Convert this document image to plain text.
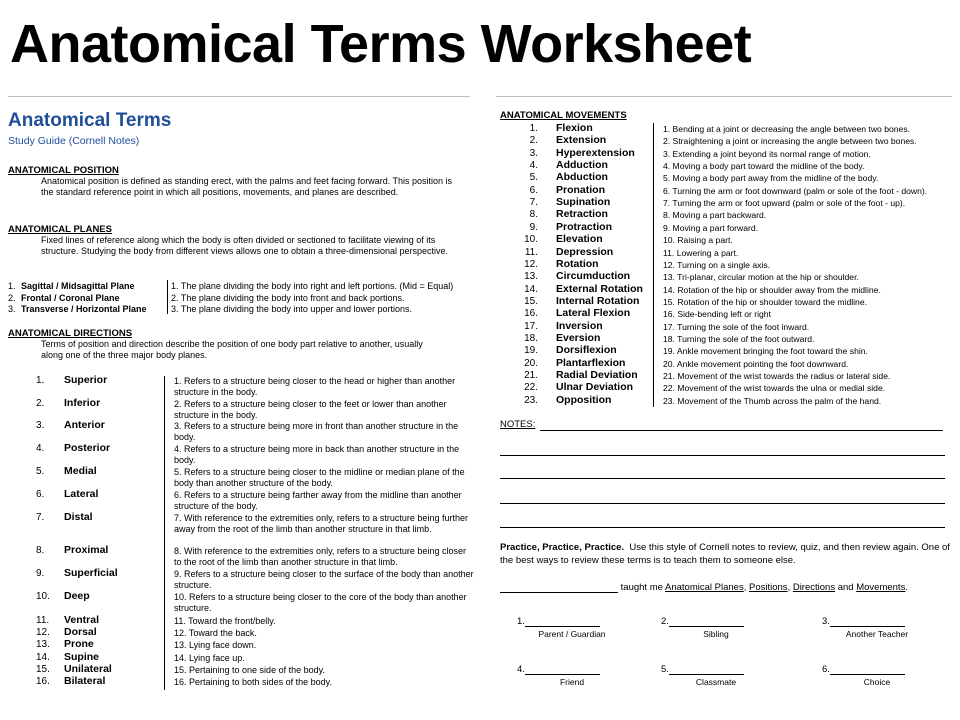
Anatomical Terms Worksheet
Anatomical Terms
Study Guide (Cornell Notes)
ANATOMICAL POSITION
Anatomical position is defined as standing erect, with the palms and feet facing forward. This position is the standard reference point in which all positions, movements, and planes are described.
ANATOMICAL PLANES
Fixed lines of reference along which the body is often divided or sectioned to facilitate viewing of its structure. Studying the body from different views allows one to obtain a three-dimensional perspective.
1. Sagittal / Midsagittal Plane	1. The plane dividing the body into right and left portions. (Mid = Equal)
2. Frontal / Coronal Plane	2. The plane dividing the body into front and back portions.
3. Transverse / Horizontal Plane	3. The plane dividing the body into upper and lower portions.
ANATOMICAL DIRECTIONS
Terms of position and direction describe the position of one body part relative to another, usually along one of the three major body planes.
1. Superior	1. Refers to a structure being closer to the head or higher than another structure in the body.
2. Inferior	2. Refers to a structure being closer to the feet or lower than another structure in the body.
3. Anterior	3. Refers to a structure being more in front than another structure in the body.
4. Posterior	4. Refers to a structure being more in back than another structure in the body.
5. Medial	5. Refers to a structure being closer to the midline or median plane of the body than another structure of the body.
6. Lateral	6. Refers to a structure being farther away from the midline than another structure of the body.
7. Distal	7. With reference to the extremities only, refers to a structure being further away from the root of the limb than another structure in that limb.
8. Proximal	8. With reference to the extremities only, refers to a structure being closer to the root of the limb than another structure in that limb.
9. Superficial	9. Refers to a structure being closer to the surface of the body than another structure.
10. Deep	10. Refers to a structure being closer to the core of the body than another structure.
11. Ventral	11. Toward the front/belly.
12. Dorsal	12. Toward the back.
13. Prone	13. Lying face down.
14. Supine	14. Lying face up.
15. Unilateral	15. Pertaining to one side of the body.
16. Bilateral	16. Pertaining to both sides of the body.
ANATOMICAL MOVEMENTS
1. Flexion	1. Bending at a joint or decreasing the angle between two bones.
2. Extension	2. Straightening a joint or increasing the angle between two bones.
3. Hyperextension	3. Extending a joint beyond its normal range of motion.
4. Adduction	4. Moving a body part toward the midline of the body.
5. Abduction	5. Moving a body part away from the midline of the body.
6. Pronation	6. Turning the arm or foot downward (palm or sole of the foot - down).
7. Supination	7. Turning the arm or foot upward (palm or sole of the foot - up).
8. Retraction	8. Moving a part backward.
9. Protraction	9. Moving a part forward.
10. Elevation	10. Raising a part.
11. Depression	11. Lowering a part.
12. Rotation	12. Turning on a single axis.
13. Circumduction	13. Tri-planar, circular motion at the hip or shoulder.
14. External Rotation 14. Rotation of the hip or shoulder away from the midline.
15. Internal Rotation	15. Rotation of the hip or shoulder toward the midline.
16. Lateral Flexion	16. Side-bending left or right
17. Inversion	17. Turning the sole of the foot inward.
18. Eversion	18. Turning the sole of the foot outward.
19. Dorsiflexion	19. Ankle movement bringing the foot toward the shin.
20. Plantarflexion	20. Ankle movement pointing the foot downward.
21. Radial Deviation	21. Movement of the wrist towards the radius or lateral side.
22. Ulnar Deviation	22. Movement of the wrist towards the ulna or medial side.
23. Opposition	23. Movement of the Thumb across the palm of the hand.
NOTES:
Practice, Practice, Practice. Use this style of Cornell notes to review, quiz, and then review again. One of the best ways to review these terms is to teach them to someone else.
taught me Anatomical Planes, Positions, Directions and Movements.
1.
Parent / Guardian
2.
Sibling
3.
Another Teacher
4.
Friend
5.
Classmate
6.
Choice
